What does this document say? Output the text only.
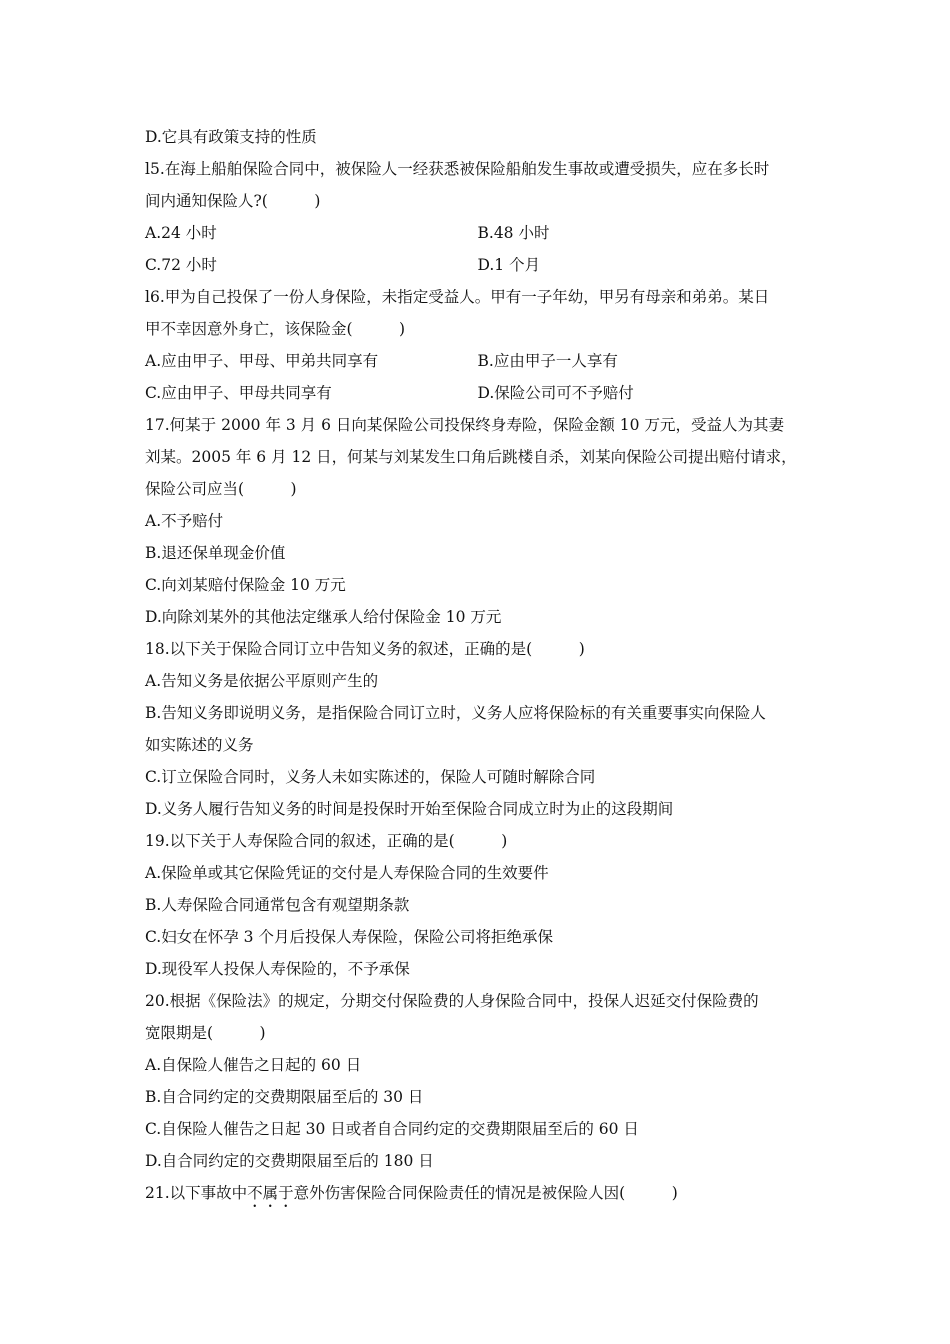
D.它具有政策支持的性质
l5.在海上船舶保险合同中，被保险人一经获悉被保险船舶发生事故或遭受损失，应在多长时
间内通知保险人?(　　　)
A.24 小时	B.48 小时
C.72 小时	D.1 个月
l6.甲为自己投保了一份人身保险，未指定受益人。甲有一子年幼，甲另有母亲和弟弟。某日
甲不幸因意外身亡，该保险金(　　　)
A.应由甲子、甲母、甲弟共同享有	B.应由甲子一人享有
C.应由甲子、甲母共同享有	D.保险公司可不予赔付
17.何某于 2000 年 3 月 6 日向某保险公司投保终身寿险，保险金额 10 万元，受益人为其妻
刘某。2005 年 6 月 12 日，何某与刘某发生口角后跳楼自杀，刘某向保险公司提出赔付请求，
保险公司应当(　　　)
A.不予赔付
B.退还保单现金价值
C.向刘某赔付保险金 10 万元
D.向除刘某外的其他法定继承人给付保险金 10 万元
18.以下关于保险合同订立中告知义务的叙述，正确的是(　　　)
A.告知义务是依据公平原则产生的
B.告知义务即说明义务，是指保险合同订立时，义务人应将保险标的有关重要事实向保险人
如实陈述的义务
C.订立保险合同时，义务人未如实陈述的，保险人可随时解除合同
D.义务人履行告知义务的时间是投保时开始至保险合同成立时为止的这段期间
19.以下关于人寿保险合同的叙述，正确的是(　　　)
A.保险单或其它保险凭证的交付是人寿保险合同的生效要件
B.人寿保险合同通常包含有观望期条款
C.妇女在怀孕 3 个月后投保人寿保险，保险公司将拒绝承保
D.现役军人投保人寿保险的，不予承保
20.根据《保险法》的规定，分期交付保险费的人身保险合同中，投保人迟延交付保险费的
宽限期是(　　　)
A.自保险人催告之日起的 60 日
B.自合同约定的交费期限届至后的 30 日
C.自保险人催告之日起 30 日或者自合同约定的交费期限届至后的 60 日
D.自合同约定的交费期限届至后的 180 日
21.以下事故中不属于意外伤害保险合同保险责任的情况是被保险人因(　　　)
